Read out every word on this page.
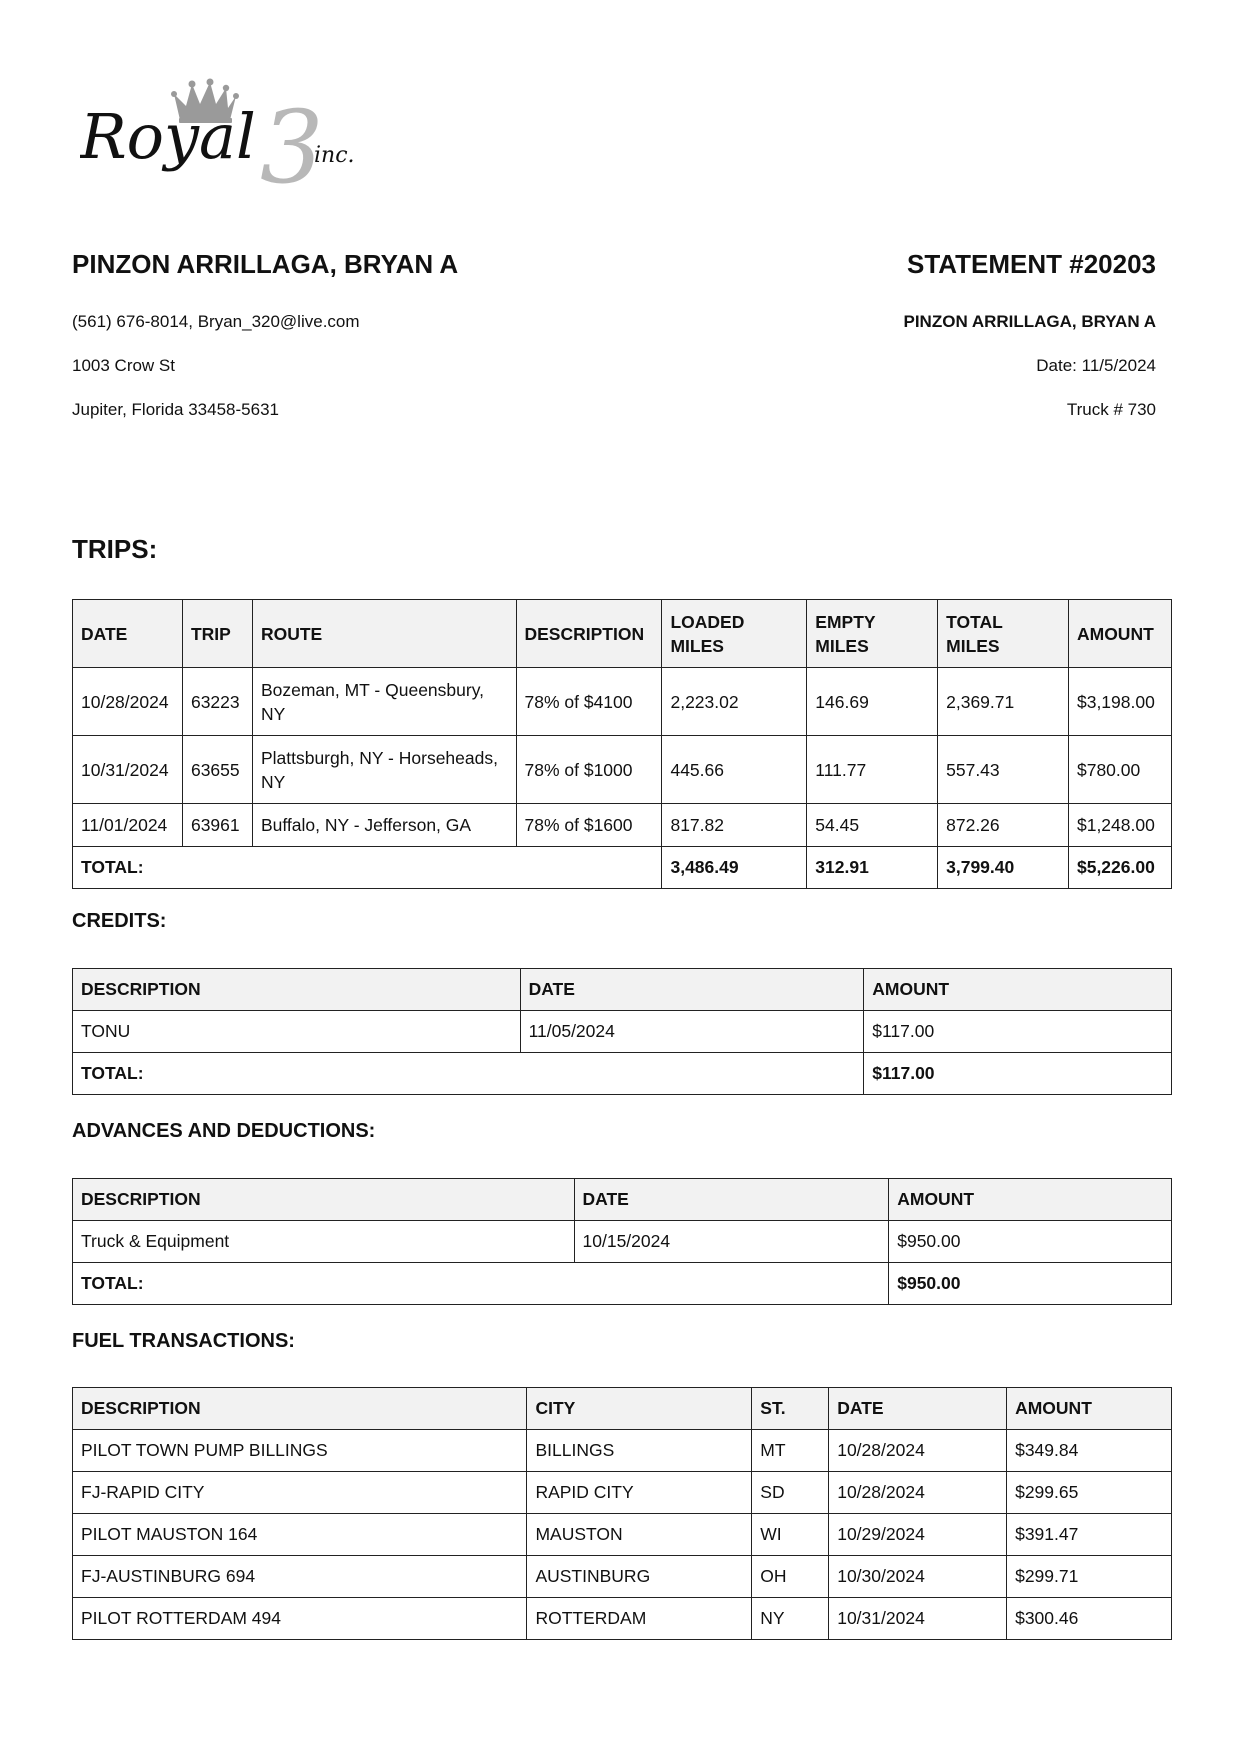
3
Royal	inc.

PINZON ARRILLAGA, BRYAN A

(561) 676-8014, Bryan_320@live.com

1003 Crow St

Jupiter, Florida 33458-5631

STATEMENT #20203

PINZON ARRILLAGA, BRYAN A

Date: 11/5/2024

Truck # 730

TRIPS:
DATE	TRIP	ROUTE	DESCRIPTION	LOADED MILES	EMPTY MILES	TOTAL MILES	AMOUNT
10/28/2024	63223	Bozeman, MT - Queensbury, NY	78% of $4100	2,223.02	146.69	2,369.71	$3,198.00
10/31/2024	63655	Plattsburgh, NY - Horseheads, NY	78% of $1000	445.66	111.77	557.43	$780.00
11/01/2024	63961	Buffalo, NY - Jefferson, GA	78% of $1600	817.82	54.45	872.26	$1,248.00
TOTAL:				3,486.49	312.91	3,799.40	$5,226.00
CREDITS:
DESCRIPTION	DATE	AMOUNT
TONU	11/05/2024	$117.00
TOTAL:		$117.00
ADVANCES AND DEDUCTIONS:
DESCRIPTION	DATE	AMOUNT
Truck & Equipment	10/15/2024	$950.00
TOTAL:		$950.00
FUEL TRANSACTIONS:
DESCRIPTION	CITY	ST.	DATE	AMOUNT
PILOT TOWN PUMP BILLINGS	BILLINGS	MT	10/28/2024	$349.84
FJ-RAPID CITY	RAPID CITY	SD	10/28/2024	$299.65
PILOT MAUSTON 164	MAUSTON	WI	10/29/2024	$391.47
FJ-AUSTINBURG 694	AUSTINBURG	OH	10/30/2024	$299.71
PILOT ROTTERDAM 494	ROTTERDAM	NY	10/31/2024	$300.46
